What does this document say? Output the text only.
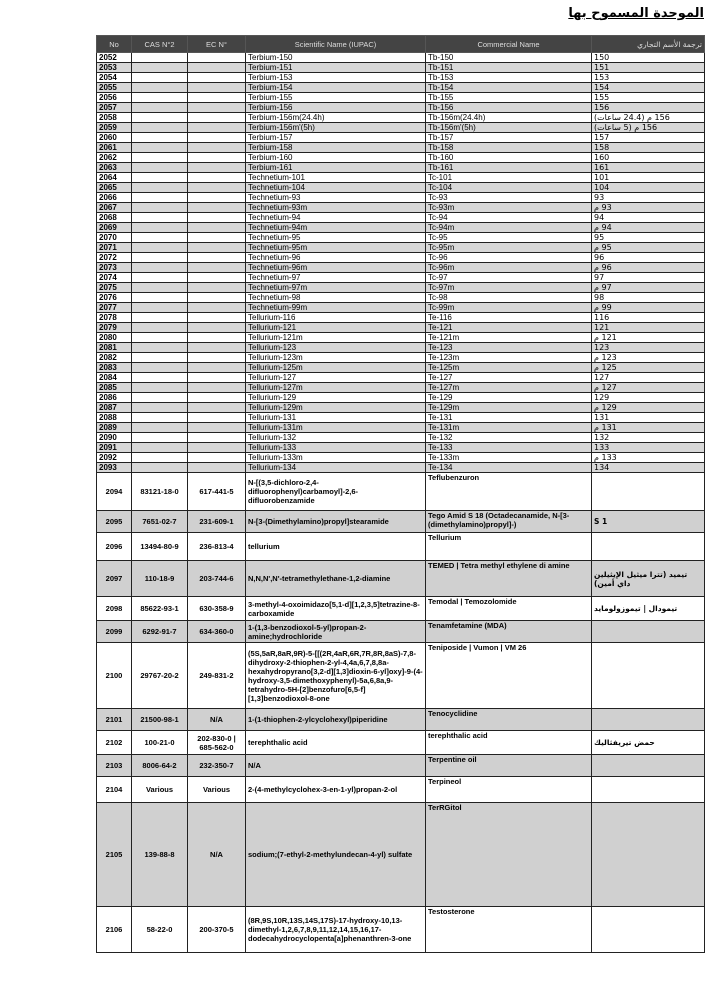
الموحدة المسموح بها
No	CAS N°2	EC N°	Scientific Name (IUPAC)	Commercial Name	ترجمة الأسم التجاري
2052			Terbium-150	Tb-150	150
2053			Terbium-151	Tb-151	151
2054			Terbium-153	Tb-153	153
2055			Terbium-154	Tb-154	154
2056			Terbium-155	Tb-155	155
2057			Terbium-156	Tb-156	156
2058			Terbium-156m(24.4h)	Tb-156m(24.4h)	156 م (24.4 ساعات)
2059			Terbium-156m'(5h)	Tb-156m'(5h)	156 م (5 ساعات)
2060			Terbium-157	Tb-157	157
2061			Terbium-158	Tb-158	158
2062			Terbium-160	Tb-160	160
2063			Terbium-161	Tb-161	161
2064			Technetium-101	Tc-101	101
2065			Technetium-104	Tc-104	104
2066			Technetium-93	Tc-93	93
2067			Technetium-93m	Tc-93m	93 م
2068			Technetium-94	Tc-94	94
2069			Technetium-94m	Tc-94m	94 م
2070			Technetium-95	Tc-95	95
2071			Technetium-95m	Tc-95m	95 م
2072			Technetium-96	Tc-96	96
2073			Technetium-96m	Tc-96m	96 م
2074			Technetium-97	Tc-97	97
2075			Technetium-97m	Tc-97m	97 م
2076			Technetium-98	Tc-98	98
2077			Technetium-99m	Tc-99m	99 م
2078			Tellurium-116	Te-116	116
2079			Tellurium-121	Te-121	121
2080			Tellurium-121m	Te-121m	121 م
2081			Tellurium-123	Te-123	123
2082			Tellurium-123m	Te-123m	123 م
2083			Tellurium-125m	Te-125m	125 م
2084			Tellurium-127	Te-127	127
2085			Tellurium-127m	Te-127m	127 م
2086			Tellurium-129	Te-129	129
2087			Tellurium-129m	Te-129m	129 م
2088			Tellurium-131	Te-131	131
2089			Tellurium-131m	Te-131m	131 م
2090			Tellurium-132	Te-132	132
2091			Tellurium-133	Te-133	133
2092			Tellurium-133m	Te-133m	133 م
2093			Tellurium-134	Te-134	134
2094	83121-18-0	617-441-5	N-[(3,5-dichloro-2,4-difluorophenyl)carbamoyl]-2,6-difluorobenzamide	Teflubenzuron	
2095	7651-02-7	231-609-1	N-[3-(Dimethylamino)propyl]stearamide	Tego Amid S 18 (Octadecanamide, N-[3-(dimethylamino)propyl]-)	S 1
2096	13494-80-9	236-813-4	tellurium	Tellurium	
2097	110-18-9	203-744-6	N,N,N',N'-tetramethylethane-1,2-diamine	TEMED | Tetra methyl ethylene di amine	تيميد (تترا ميثيل الإيثيلين داي أمين)
2098	85622-93-1	630-358-9	3-methyl-4-oxoimidazo[5,1-d][1,2,3,5]tetrazine-8-carboxamide	Temodal | Temozolomide	تيمودال | تيموزولومايد
2099	6292-91-7	634-360-0	1-(1,3-benzodioxol-5-yl)propan-2-amine;hydrochloride	Tenamfetamine (MDA)	
2100	29767-20-2	249-831-2	(5S,5aR,8aR,9R)-5-[[(2R,4aR,6R,7R,8R,8aS)-7,8-dihydroxy-2-thiophen-2-yl-4,4a,6,7,8,8a-hexahydropyrano[3,2-d][1,3]dioxin-6-yl]oxy]-9-(4-hydroxy-3,5-dimethoxyphenyl)-5a,6,8a,9-tetrahydro-5H-[2]benzofuro[6,5-f][1,3]benzodioxol-8-one	Teniposide | Vumon | VM 26	
2101	21500-98-1	N/A	1-(1-thiophen-2-ylcyclohexyl)piperidine	Tenocyclidine	
2102	100-21-0	202-830-0 | 685-562-0	terephthalic acid	terephthalic acid	حمض تيريفثاليك
2103	8006-64-2	232-350-7	N/A	Terpentine oil	
2104	Various	Various	2-(4-methylcyclohex-3-en-1-yl)propan-2-ol	Terpineol	
2105	139-88-8	N/A	sodium;(7-ethyl-2-methylundecan-4-yl) sulfate	TerRGitol	
2106	58-22-0	200-370-5	(8R,9S,10R,13S,14S,17S)-17-hydroxy-10,13-dimethyl-1,2,6,7,8,9,11,12,14,15,16,17-dodecahydrocyclopenta[a]phenanthren-3-one	Testosterone	
